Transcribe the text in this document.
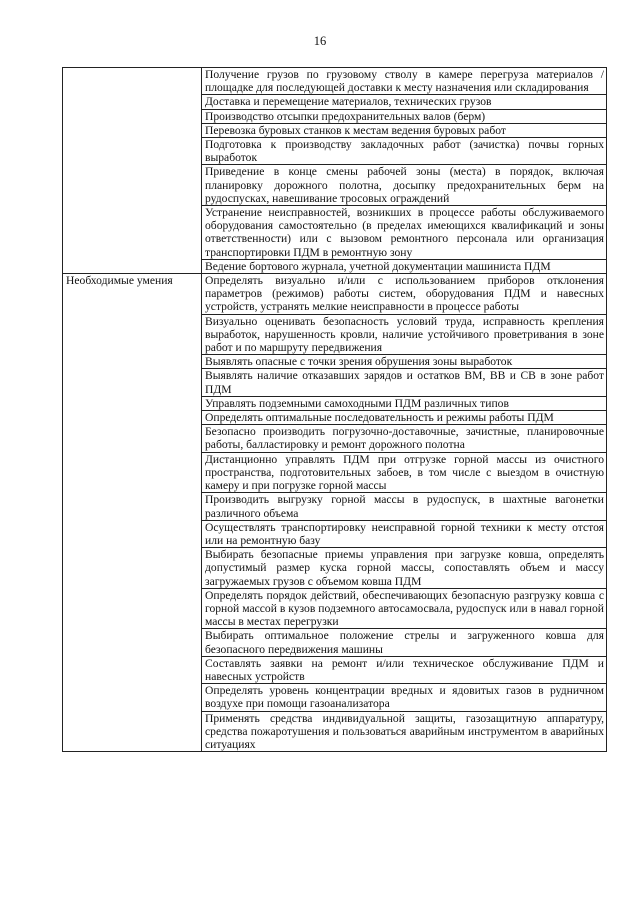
16
	Получение грузов по грузовому стволу в камере перегруза материалов / площадке для последующей доставки к месту назначения или складирования
	Доставка и перемещение материалов, технических грузов
	Производство отсыпки предохранительных валов (берм)
	Перевозка буровых станков к местам ведения буровых работ
	Подготовка к производству закладочных работ (зачистка) почвы горных выработок
	Приведение в конце смены рабочей зоны (места) в порядок, включая планировку дорожного полотна, досыпку предохранительных берм на рудоспусках, навешивание тросовых ограждений
	Устранение неисправностей, возникших в процессе работы обслуживаемого оборудования самостоятельно (в пределах имеющихся квалификаций и зоны ответственности) или с вызовом ремонтного персонала или организация транспортировки ПДМ в ремонтную зону
	Ведение бортового журнала, учетной документации машиниста ПДМ
Необходимые умения	Определять визуально и/или с использованием приборов отклонения параметров (режимов) работы систем, оборудования ПДМ и навесных устройств, устранять мелкие неисправности в процессе работы
	Визуально оценивать безопасность условий труда, исправность крепления выработок, нарушенность кровли, наличие устойчивого проветривания в зоне работ и по маршруту передвижения
	Выявлять опасные с точки зрения обрушения зоны выработок
	Выявлять наличие отказавших зарядов и остатков ВМ, ВВ и СВ в зоне работ ПДМ
	Управлять подземными самоходными ПДМ различных типов
	Определять оптимальные последовательность и режимы работы ПДМ
	Безопасно производить погрузочно-доставочные, зачистные, планировочные работы, балластировку и ремонт дорожного полотна
	Дистанционно управлять ПДМ при отгрузке горной массы из очистного пространства, подготовительных забоев, в том числе с выездом в очистную камеру и при погрузке горной массы
	Производить выгрузку горной массы в рудоспуск, в шахтные вагонетки различного объема
	Осуществлять транспортировку неисправной горной техники к месту отстоя или на ремонтную базу
	Выбирать безопасные приемы управления при загрузке ковша, определять допустимый размер куска горной массы, сопоставлять объем и массу загружаемых грузов с объемом ковша ПДМ
	Определять порядок действий, обеспечивающих безопасную разгрузку ковша с горной массой в кузов подземного автосамосвала, рудоспуск или в навал горной массы в местах перегрузки
	Выбирать оптимальное положение стрелы и загруженного ковша для безопасного передвижения машины
	Составлять заявки на ремонт и/или техническое обслуживание ПДМ и навесных устройств
	Определять уровень концентрации вредных и ядовитых газов в рудничном воздухе при помощи газоанализатора
	Применять средства индивидуальной защиты, газозащитную аппаратуру, средства пожаротушения и пользоваться аварийным инструментом в аварийных ситуациях
